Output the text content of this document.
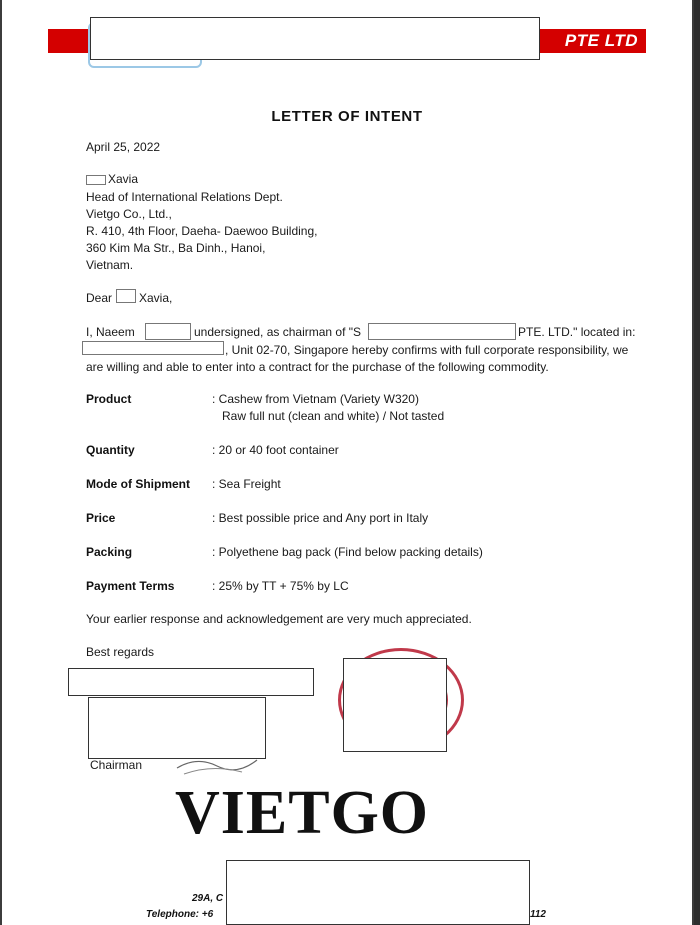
PTE LTD
LETTER OF INTENT
April 25, 2022
Xavia
Head of International Relations Dept.
Vietgo Co., Ltd.,
R. 410, 4th Floor, Daeha- Daewoo Building,
360 Kim Ma Str., Ba Dinh., Hanoi,
Vietnam.
Dear Xavia,
I, Naeem	undersigned, as chairman of "S	PTE. LTD." located in:
, Unit 02-70, Singapore hereby confirms with full corporate responsibility, we
are willing and able to enter into a contract for the purchase of the following commodity.
Product	: Cashew from Vietnam (Variety W320)
Raw full nut (clean and white) / Not tasted
Quantity	: 20 or 40 foot container
Mode of Shipment : Sea Freight
Price	: Best possible price and Any port in Italy
Packing	: Polyethene bag pack (Find below packing details)
Payment Terms	: 25% by TT + 75% by LC
Your earlier response and acknowledgement are very much appreciated.
Best regards
Chairman
VIETGO
29A, C
Telephone: +6	112
